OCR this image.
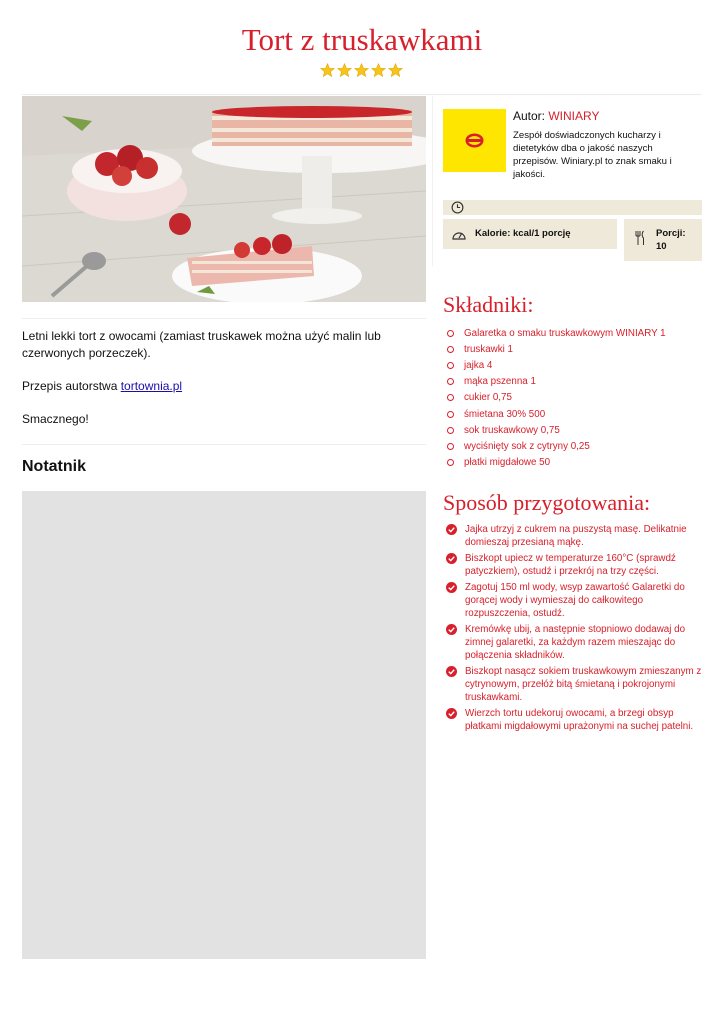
Tort z truskawkami

Letni lekki tort z owocami (zamiast truskawek można użyć malin lub czerwonych porzeczek).

Przepis autorstwa tortownia.pl

Smacznego!

Notatnik
Autor: WINIARY
Zespół doświadczonych kucharzy i dietetyków dba o jakość naszych przepisów. Winiary.pl to znak smaku i jakości.
Kalorie: kcal/1 porcję	Porcji:
10
Składniki:
Galaretka o smaku truskawkowym WINIARY 1
truskawki 1
jajka 4
mąka pszenna 1
cukier 0,75
śmietana 30% 500
sok truskawkowy 0,75
wyciśnięty sok z cytryny 0,25
płatki migdałowe 50
Sposób przygotowania:
Jajka utrzyj z cukrem na puszystą masę. Delikatnie domieszaj przesianą mąkę.
Biszkopt upiecz w temperaturze 160°C (sprawdź patyczkiem), ostudź i przekrój na trzy części.
Zagotuj 150 ml wody, wsyp zawartość Galaretki do gorącej wody i wymieszaj do całkowitego rozpuszczenia, ostudź.
Kremówkę ubij, a następnie stopniowo dodawaj do zimnej galaretki, za każdym razem mieszając do połączenia składników.
Biszkopt nasącz sokiem truskawkowym zmieszanym z cytrynowym, przełóż bitą śmietaną i pokrojonymi truskawkami.
Wierzch tortu udekoruj owocami, a brzegi obsyp płatkami migdałowymi uprażonymi na suchej patelni.
